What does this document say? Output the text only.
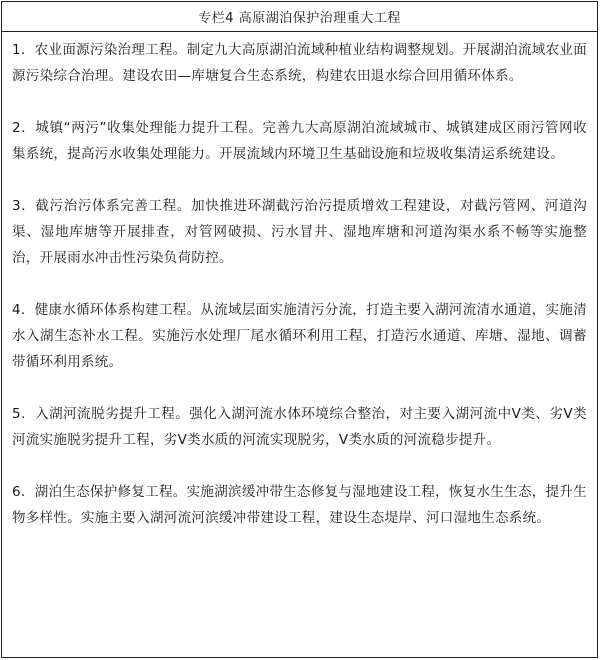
专栏4 高原湖泊保护治理重大工程

1．农业面源污染治理工程。制定九大高原湖泊流域种植业结构调整规划。开展湖泊流域农业面源污染综合治理。建设农田—库塘复合生态系统，构建农田退水综合回用循环体系。

2．城镇“两污”收集处理能力提升工程。完善九大高原湖泊流域城市、城镇建成区雨污管网收集系统，提高污水收集处理能力。开展流域内环境卫生基础设施和垃圾收集清运系统建设。

3．截污治污体系完善工程。加快推进环湖截污治污提质增效工程建设，对截污管网、河道沟渠、湿地库塘等开展排查，对管网破损、污水冒井、湿地库塘和河道沟渠水系不畅等实施整治，开展雨水冲击性污染负荷防控。

4．健康水循环体系构建工程。从流域层面实施清污分流，打造主要入湖河流清水通道，实施清水入湖生态补水工程。实施污水处理厂尾水循环利用工程，打造污水通道、库塘、湿地、调蓄带循环利用系统。

5．入湖河流脱劣提升工程。强化入湖河流水体环境综合整治，对主要入湖河流中Ⅴ类、劣Ⅴ类河流实施脱劣提升工程，劣Ⅴ类水质的河流实现脱劣，Ⅴ类水质的河流稳步提升。

6．湖泊生态保护修复工程。实施湖滨缓冲带生态修复与湿地建设工程，恢复水生生态，提升生物多样性。实施主要入湖河流河滨缓冲带建设工程，建设生态堤岸、河口湿地生态系统。
